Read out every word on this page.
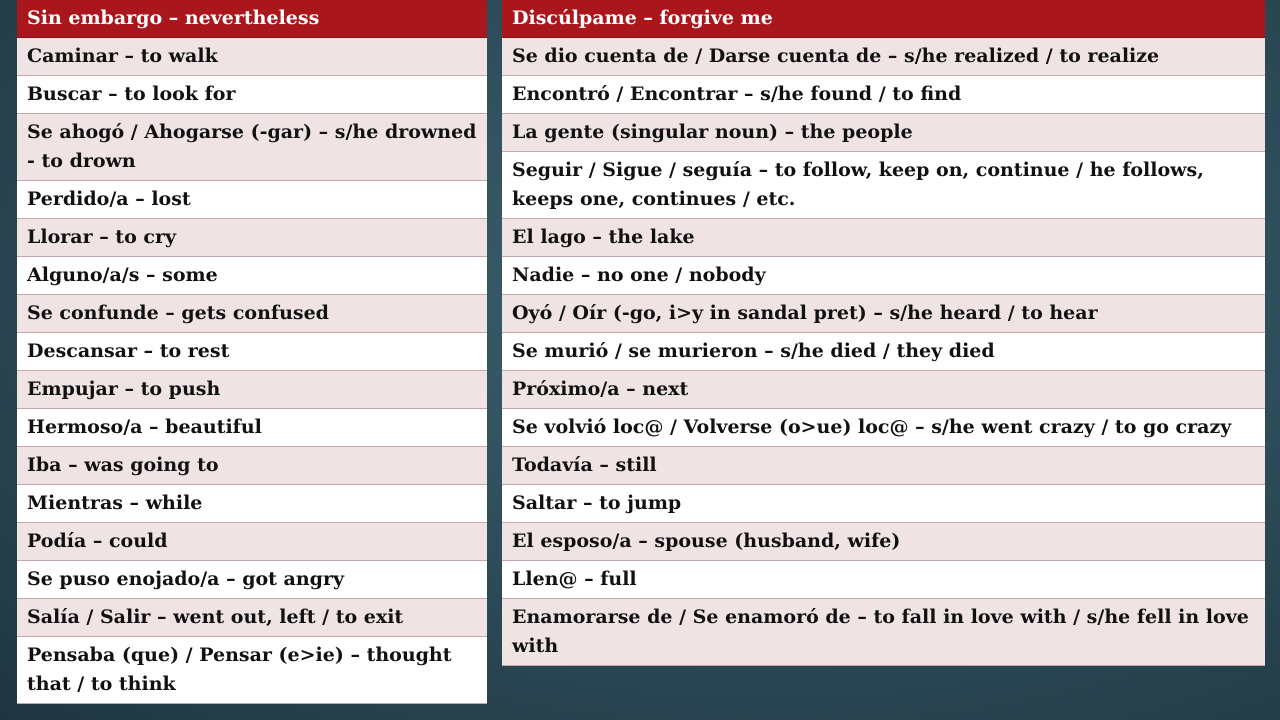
Sin embargo – nevertheless
Caminar – to walk
Buscar – to look for
Se ahogó / Ahogarse (-gar) – s/he drowned - to drown
Perdido/a – lost
Llorar – to cry
Alguno/a/s – some
Se confunde – gets confused
Descansar – to rest
Empujar – to push
Hermoso/a – beautiful
Iba – was going to
Mientras – while
Podía – could
Se puso enojado/a – got angry
Salía / Salir – went out, left / to exit
Pensaba (que) / Pensar (e>ie) – thought that / to think
Discúlpame – forgive me
Se dio cuenta de / Darse cuenta de – s/he realized / to realize
Encontró / Encontrar – s/he found / to find
La gente (singular noun) – the people
Seguir / Sigue / seguía – to follow, keep on, continue / he follows, keeps one, continues / etc.
El lago – the lake
Nadie – no one / nobody
Oyó / Oír (-go, i>y in sandal pret) – s/he heard / to hear
Se murió / se murieron – s/he died / they died
Próximo/a – next
Se volvió loc@ / Volverse (o>ue) loc@ – s/he went crazy / to go crazy
Todavía – still
Saltar – to jump
El esposo/a – spouse (husband, wife)
Llen@ – full
Enamorarse de / Se enamoró de – to fall in love with / s/he fell in love with
